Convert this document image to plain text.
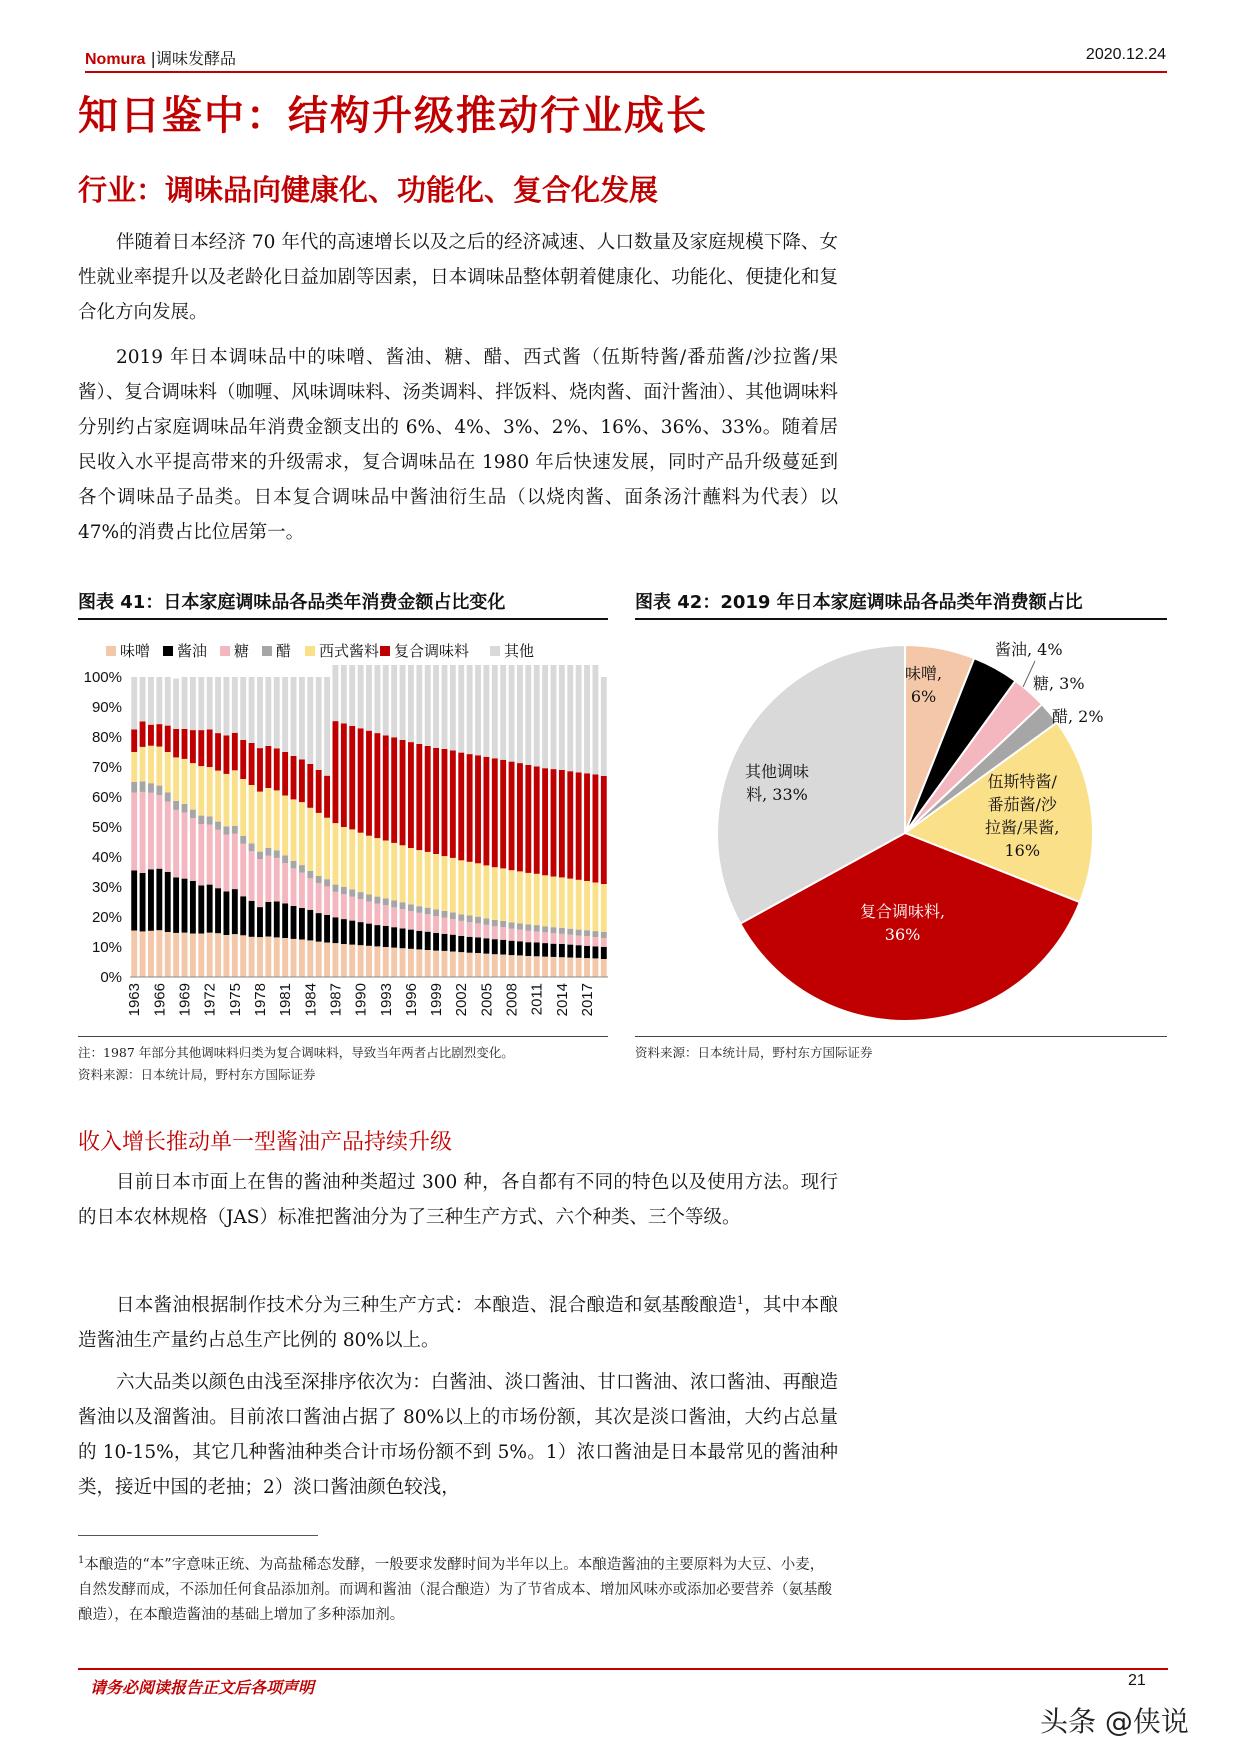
Nomura |调味发酵品	2020.12.24
知日鉴中：结构升级推动行业成长
行业：调味品向健康化、功能化、复合化发展
伴随着日本经济 70 年代的高速增长以及之后的经济减速、人口数量及家庭规模下降、女性就业率提升以及老龄化日益加剧等因素，日本调味品整体朝着健康化、功能化、便捷化和复合化方向发展。
2019 年日本调味品中的味噌、酱油、糖、醋、西式酱（伍斯特酱/番茄酱/沙拉酱/果酱）、复合调味料（咖喱、风味调味料、汤类调料、拌饭料、烧肉酱、面汁酱油）、其他调味料分别约占家庭调味品年消费金额支出的 6%、4%、3%、2%、16%、36%、33%。随着居民收入水平提高带来的升级需求，复合调味品在 1980 年后快速发展，同时产品升级蔓延到各个调味品子品类。日本复合调味品中酱油衍生品（以烧肉酱、面条汤汁蘸料为代表）以 47%的消费占比位居第一。
图表 41：日本家庭调味品各品类年消费金额占比变化
味噌	酱油	糖	醋	西式酱料 复合调味料	其他
0%
10%
20%
30%
40%
50%
60%
70%
80%
90%
100%
1963 1966 1969 1972 1975 1978 1981 1984 1987 1990 1993 1996 1999 2002 2005 2008 2011 2014 2017
注：1987 年部分其他调味料归类为复合调味料，导致当年两者占比剧烈变化。
资料来源：日本统计局，野村东方国际证券
图表 42：2019 年日本家庭调味品各品类年消费额占比
味噌,
6%
酱油, 4%
糖, 3%
醋, 2%
伍斯特酱/
番茄酱/沙
拉酱/果酱,
16%
复合调味料,
36%
其他调味
料, 33%
资料来源：日本统计局，野村东方国际证券
收入增长推动单一型酱油产品持续升级
目前日本市面上在售的酱油种类超过 300 种，各自都有不同的特色以及使用方法。现行的日本农林规格（JAS）标准把酱油分为了三种生产方式、六个种类、三个等级。
日本酱油根据制作技术分为三种生产方式：本酿造、混合酿造和氨基酸酿造$^1$，其中本酿造酱油生产量约占总生产比例的 80%以上。
六大品类以颜色由浅至深排序依次为：白酱油、淡口酱油、甘口酱油、浓口酱油、再酿造酱油以及溜酱油。目前浓口酱油占据了 80%以上的市场份额，其次是淡口酱油，大约占总量的 10-15%，其它几种酱油种类合计市场份额不到 5%。1）浓口酱油是日本最常见的酱油种类，接近中国的老抽；2）淡口酱油颜色较浅，
$^1$本酿造的“本”字意味正统、为高盐稀态发酵，一般要求发酵时间为半年以上。本酿造酱油的主要原料为大豆、小麦，自然发酵而成，不添加任何食品添加剂。而调和酱油（混合酿造）为了节省成本、增加风味亦或添加必要营养（氨基酸酿造），在本酿造酱油的基础上增加了多种添加剂。
请务必阅读报告正文后各项声明	21
头条 @侠说
